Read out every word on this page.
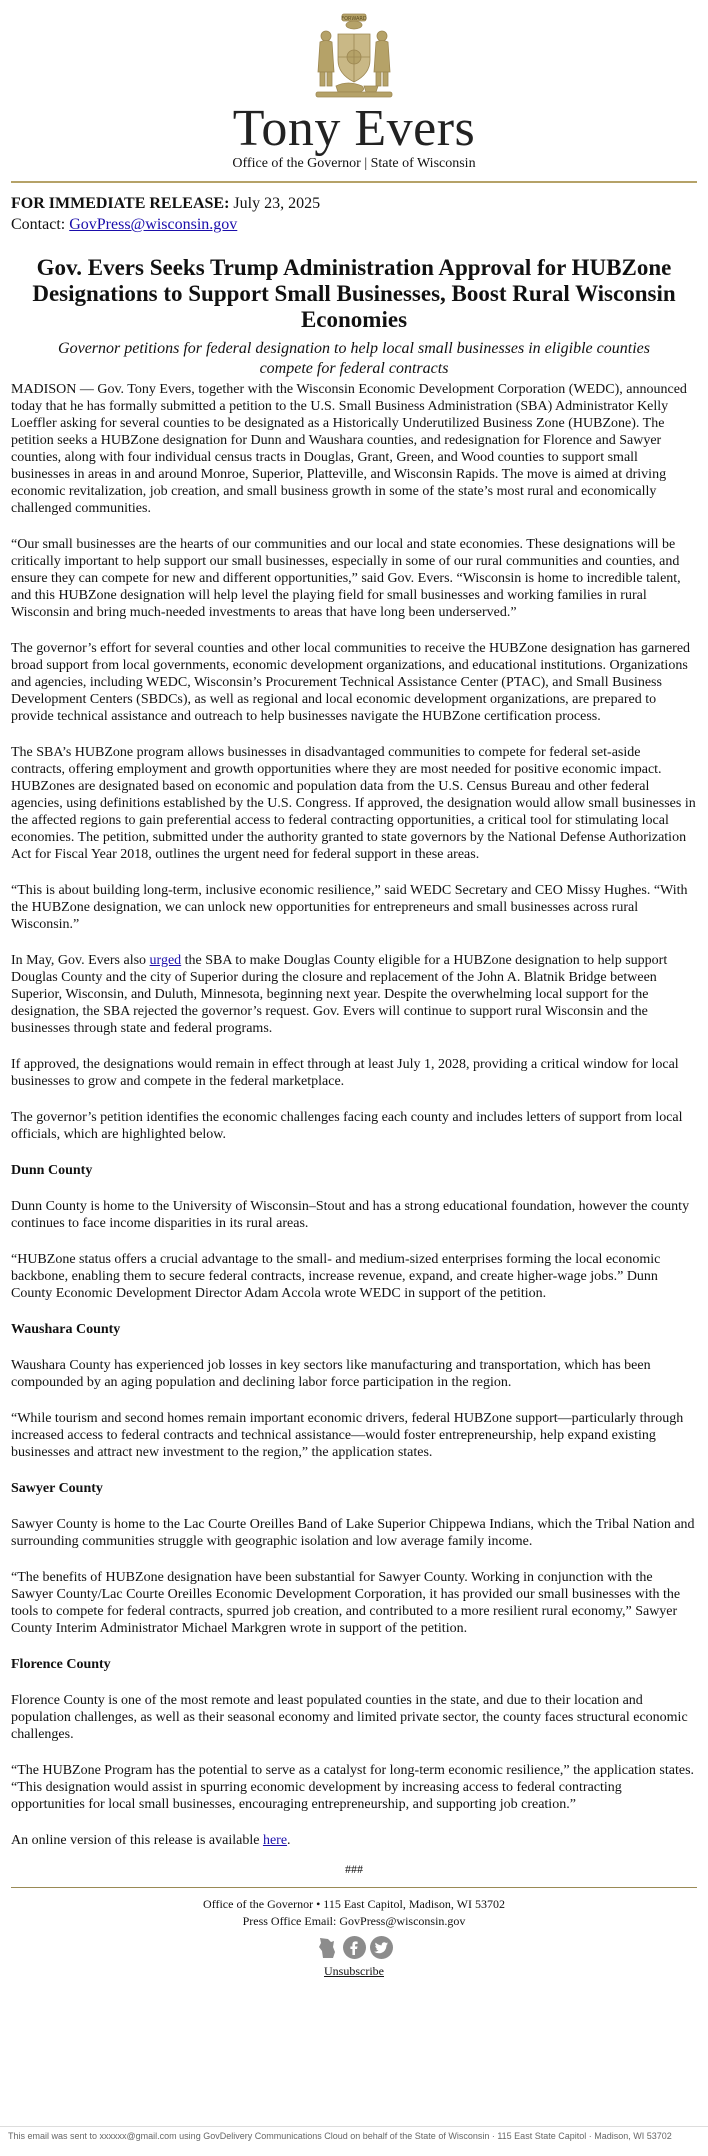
FORWARD
Tony Evers
Office of the Governor | State of Wisconsin
FOR IMMEDIATE RELEASE: July 23, 2025
Contact: GovPress@wisconsin.gov
Gov. Evers Seeks Trump Administration Approval for HUBZone Designations to Support Small Businesses, Boost Rural Wisconsin Economies
Governor petitions for federal designation to help local small businesses in eligible counties compete for federal contracts

MADISON — Gov. Tony Evers, together with the Wisconsin Economic Development Corporation (WEDC), announced today that he has formally submitted a petition to the U.S. Small Business Administration (SBA) Administrator Kelly Loeffler asking for several counties to be designated as a Historically Underutilized Business Zone (HUBZone). The petition seeks a HUBZone designation for Dunn and Waushara counties, and redesignation for Florence and Sawyer counties, along with four individual census tracts in Douglas, Grant, Green, and Wood counties to support small businesses in areas in and around Monroe, Superior, Platteville, and Wisconsin Rapids. The move is aimed at driving economic revitalization, job creation, and small business growth in some of the state’s most rural and economically challenged communities.

“Our small businesses are the hearts of our communities and our local and state economies. These designations will be critically important to help support our small businesses, especially in some of our rural communities and counties, and ensure they can compete for new and different opportunities,” said Gov. Evers. “Wisconsin is home to incredible talent, and this HUBZone designation will help level the playing field for small businesses and working families in rural Wisconsin and bring much-needed investments to areas that have long been underserved.”

The governor’s effort for several counties and other local communities to receive the HUBZone designation has garnered broad support from local governments, economic development organizations, and educational institutions. Organizations and agencies, including WEDC, Wisconsin’s Procurement Technical Assistance Center (PTAC), and Small Business Development Centers (SBDCs), as well as regional and local economic development organizations, are prepared to provide technical assistance and outreach to help businesses navigate the HUBZone certification process.

The SBA’s HUBZone program allows businesses in disadvantaged communities to compete for federal set-aside contracts, offering employment and growth opportunities where they are most needed for positive economic impact. HUBZones are designated based on economic and population data from the U.S. Census Bureau and other federal agencies, using definitions established by the U.S. Congress. If approved, the designation would allow small businesses in the affected regions to gain preferential access to federal contracting opportunities, a critical tool for stimulating local economies. The petition, submitted under the authority granted to state governors by the National Defense Authorization Act for Fiscal Year 2018, outlines the urgent need for federal support in these areas.

“This is about building long-term, inclusive economic resilience,” said WEDC Secretary and CEO Missy Hughes. “With the HUBZone designation, we can unlock new opportunities for entrepreneurs and small businesses across rural Wisconsin.”

In May, Gov. Evers also urged the SBA to make Douglas County eligible for a HUBZone designation to help support Douglas County and the city of Superior during the closure and replacement of the John A. Blatnik Bridge between Superior, Wisconsin, and Duluth, Minnesota, beginning next year. Despite the overwhelming local support for the designation, the SBA rejected the governor’s request. Gov. Evers will continue to support rural Wisconsin and the businesses through state and federal programs.

If approved, the designations would remain in effect through at least July 1, 2028, providing a critical window for local businesses to grow and compete in the federal marketplace.

The governor’s petition identifies the economic challenges facing each county and includes letters of support from local officials, which are highlighted below.

Dunn County

Dunn County is home to the University of Wisconsin–Stout and has a strong educational foundation, however the county continues to face income disparities in its rural areas.

“HUBZone status offers a crucial advantage to the small- and medium-sized enterprises forming the local economic backbone, enabling them to secure federal contracts, increase revenue, expand, and create higher-wage jobs.” Dunn County Economic Development Director Adam Accola wrote WEDC in support of the petition.

Waushara County

Waushara County has experienced job losses in key sectors like manufacturing and transportation, which has been compounded by an aging population and declining labor force participation in the region.

“While tourism and second homes remain important economic drivers, federal HUBZone support—particularly through increased access to federal contracts and technical assistance—would foster entrepreneurship, help expand existing businesses and attract new investment to the region,” the application states.

Sawyer County

Sawyer County is home to the Lac Courte Oreilles Band of Lake Superior Chippewa Indians, which the Tribal Nation and surrounding communities struggle with geographic isolation and low average family income.

“The benefits of HUBZone designation have been substantial for Sawyer County. Working in conjunction with the Sawyer County/Lac Courte Oreilles Economic Development Corporation, it has provided our small businesses with the tools to compete for federal contracts, spurred job creation, and contributed to a more resilient rural economy,” Sawyer County Interim Administrator Michael Markgren wrote in support of the petition.

Florence County

Florence County is one of the most remote and least populated counties in the state, and due to their location and population challenges, as well as their seasonal economy and limited private sector, the county faces structural economic challenges.

“The HUBZone Program has the potential to serve as a catalyst for long-term economic resilience,” the application states. “This designation would assist in spurring economic development by increasing access to federal contracting opportunities for local small businesses, encouraging entrepreneurship, and supporting job creation.”

An online version of this release is available here.

###
Office of the Governor • 115 East Capitol, Madison, WI 53702
Press Office Email: GovPress@wisconsin.gov
Unsubscribe
This email was sent to xxxxxx@gmail.com using GovDelivery Communications Cloud on behalf of the State of Wisconsin · 115 East State Capitol · Madison, WI 53702
